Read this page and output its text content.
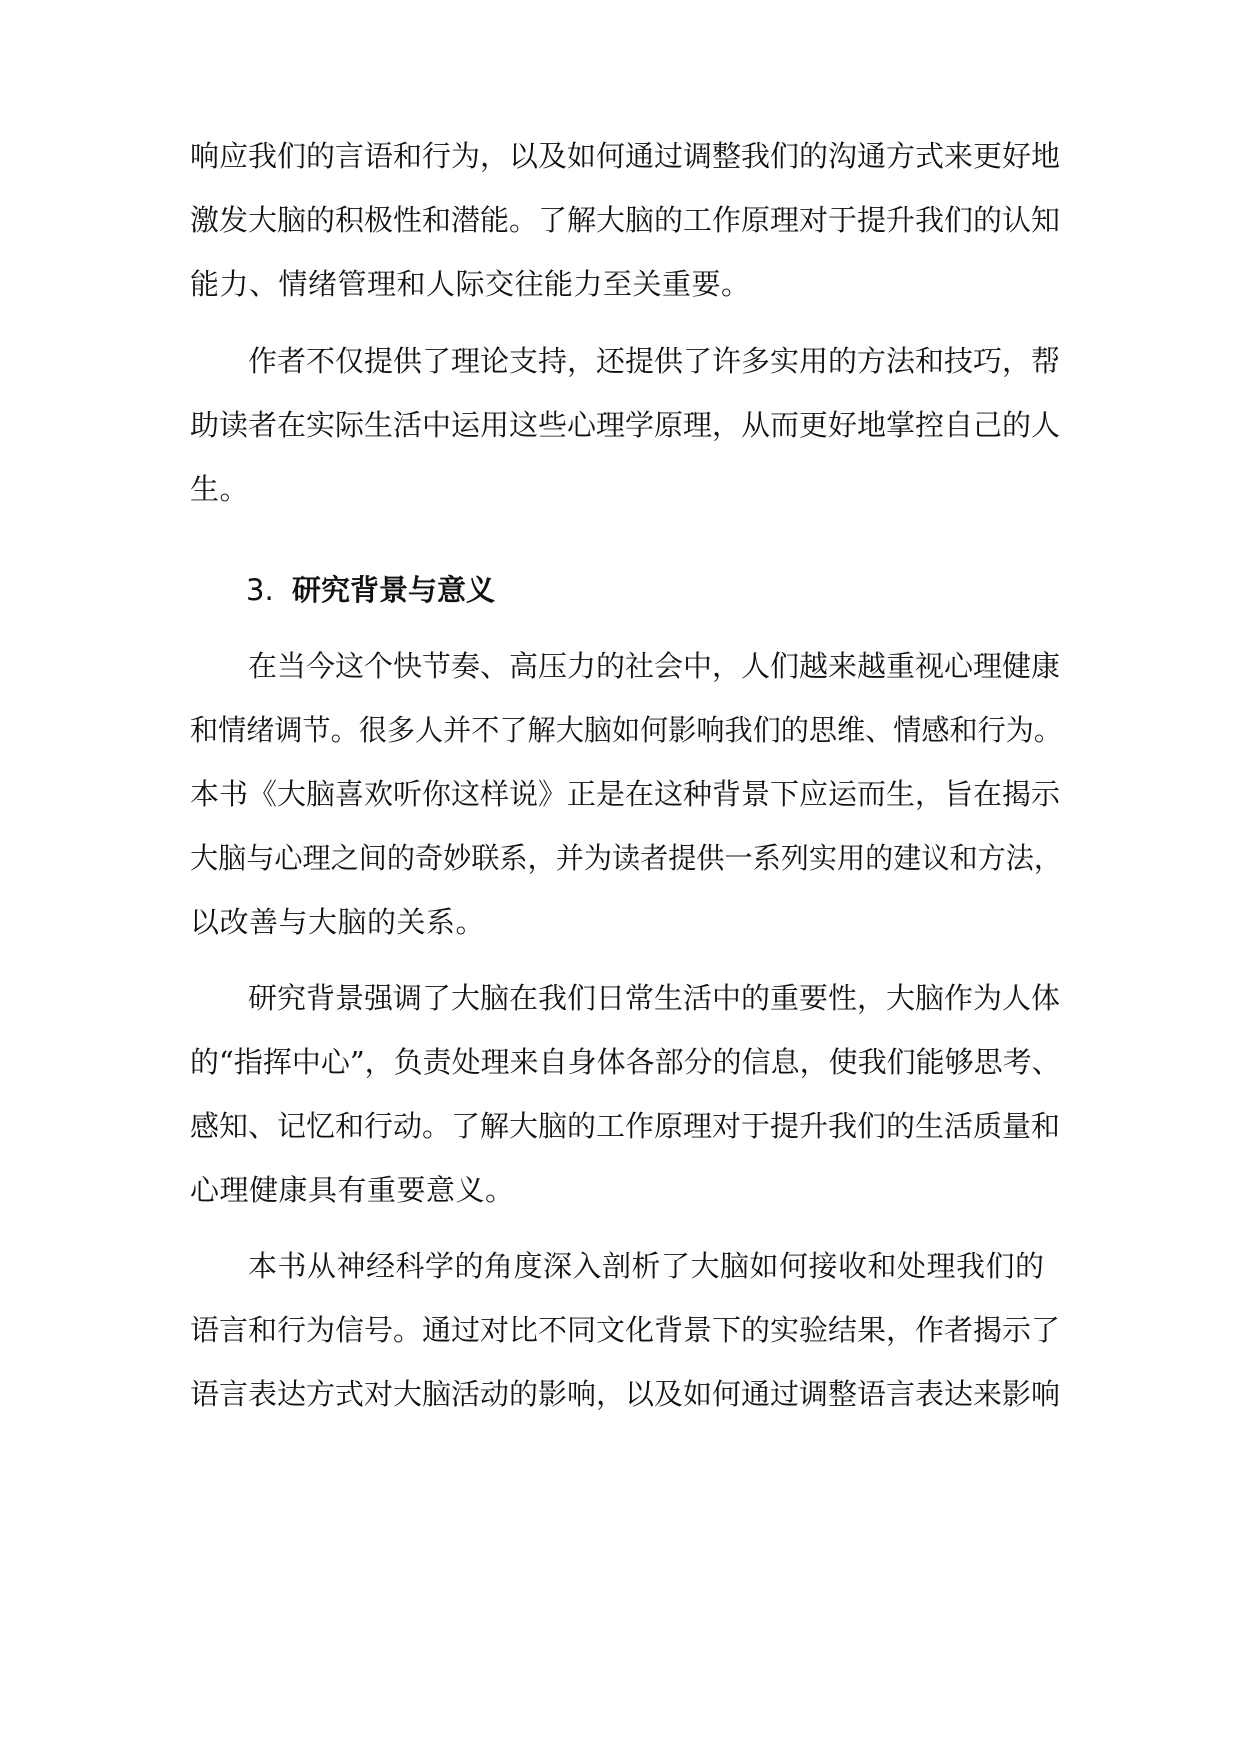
响应我们的言语和行为，以及如何通过调整我们的沟通方式来更好地
激发大脑的积极性和潜能。了解大脑的工作原理对于提升我们的认知
能力、情绪管理和人际交往能力至关重要。
作者不仅提供了理论支持，还提供了许多实用的方法和技巧，帮
助读者在实际生活中运用这些心理学原理，从而更好地掌控自己的人
生。
3. 研究背景与意义
在当今这个快节奏、高压力的社会中，人们越来越重视心理健康
和情绪调节。很多人并不了解大脑如何影响我们的思维、情感和行为。
本书《大脑喜欢听你这样说》正是在这种背景下应运而生，旨在揭示
大脑与心理之间的奇妙联系，并为读者提供一系列实用的建议和方法，
以改善与大脑的关系。
研究背景强调了大脑在我们日常生活中的重要性，大脑作为人体
的“指挥中心”，负责处理来自身体各部分的信息，使我们能够思考、
感知、记忆和行动。了解大脑的工作原理对于提升我们的生活质量和
心理健康具有重要意义。
本书从神经科学的角度深入剖析了大脑如何接收和处理我们的
语言和行为信号。通过对比不同文化背景下的实验结果，作者揭示了
语言表达方式对大脑活动的影响，以及如何通过调整语言表达来影响
